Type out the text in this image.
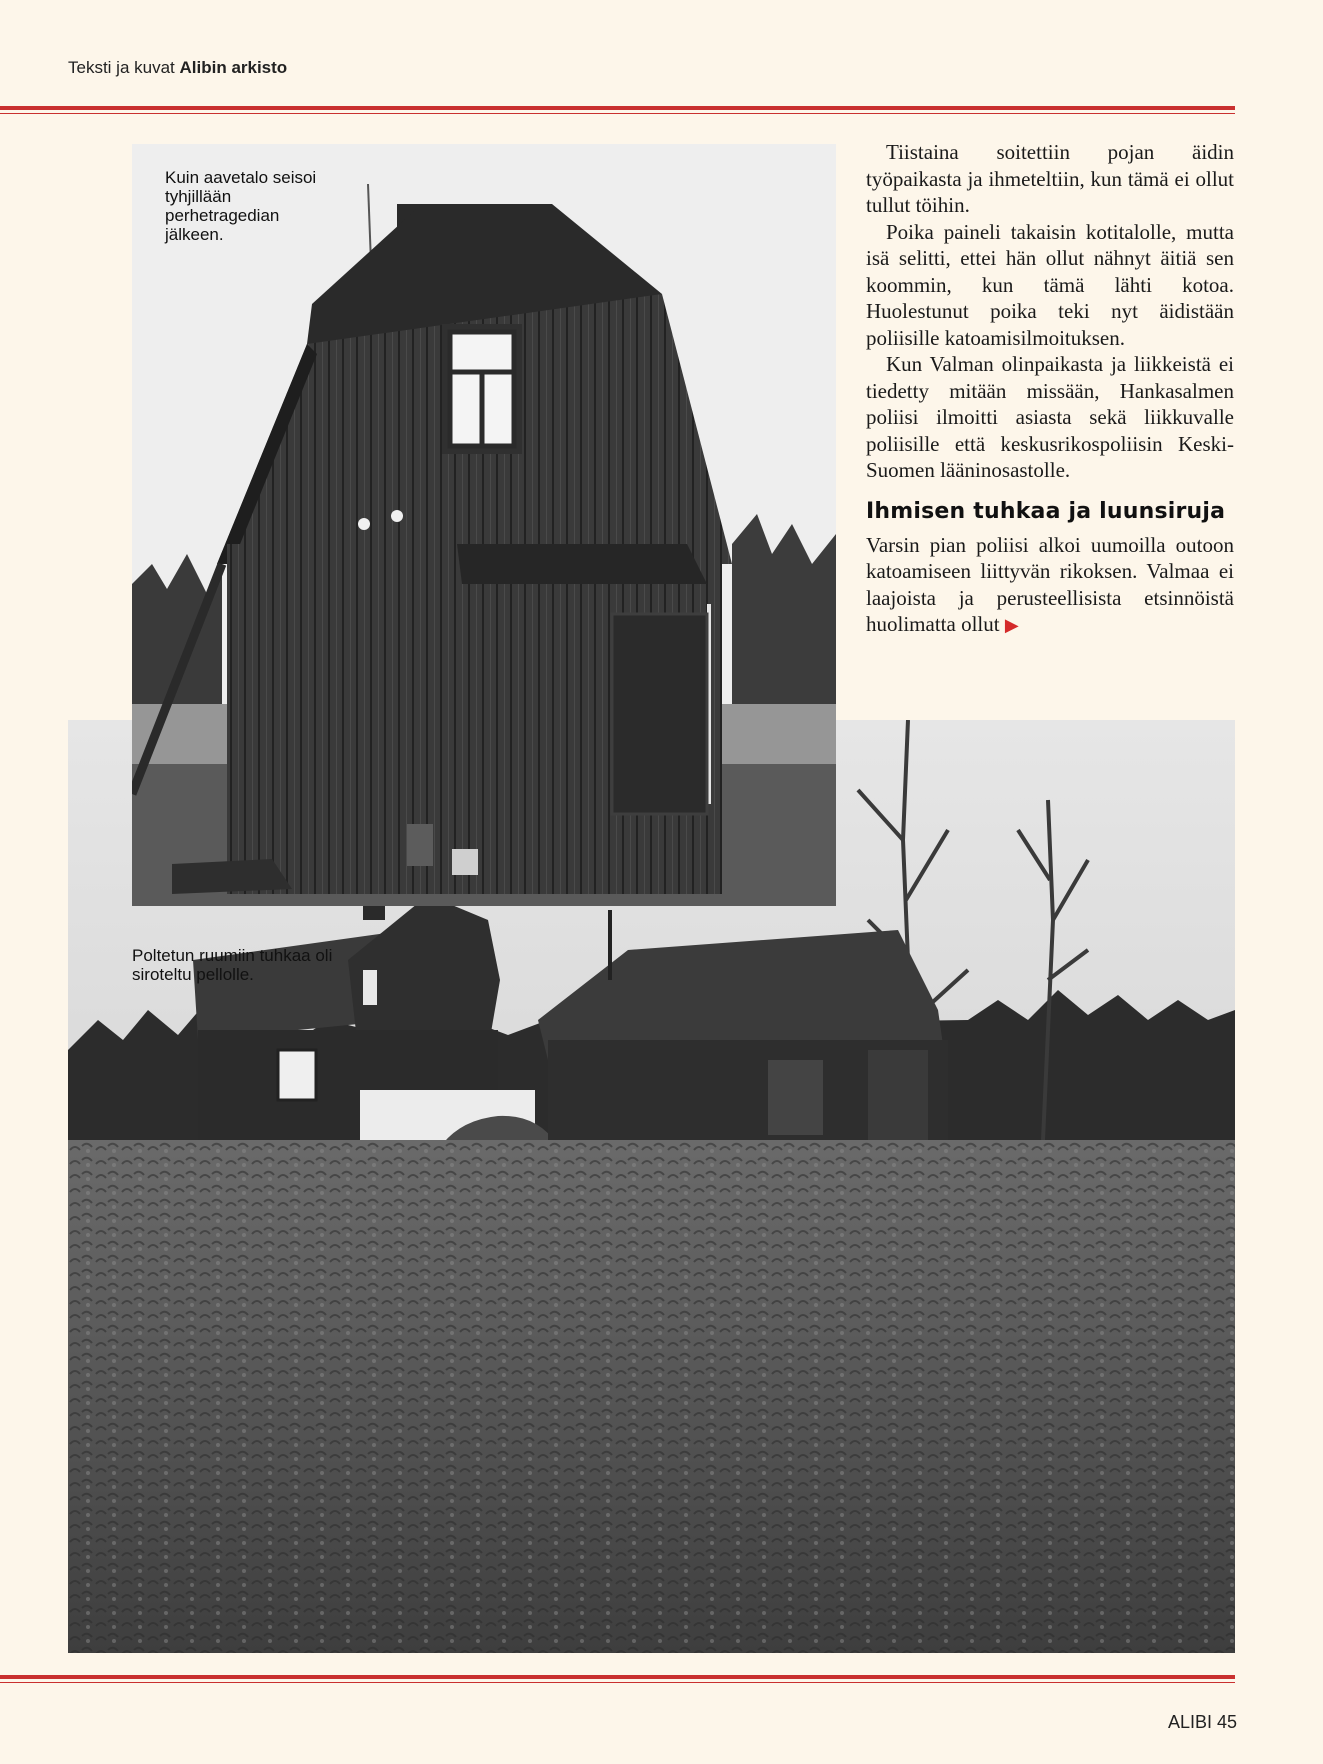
Teksti ja kuvat Alibin arkisto
Kuin aavetalo seisoi tyhjillään perhetragedian jälkeen.
Poltetun ruumiin tuhkaa oli siroteltu pellolle.

Tiistaina soitettiin pojan äidin työpaikasta ja ihmeteltiin, kun tämä ei ollut tullut töihin.

Poika paineli takaisin kotitalolle, mutta isä selitti, ettei hän ollut nähnyt äitiä sen koommin, kun tämä lähti kotoa. Huolestunut poika teki nyt äidistään poliisille katoamisilmoituksen.

Kun Valman olinpaikasta ja liikkeistä ei tiedetty mitään missään, Hankasalmen poliisi ilmoitti asiasta sekä liikkuvalle poliisille että keskusrikospoliisin Keski-Suomen lääninosastolle.

Ihmisen tuhkaa ja luunsiruja

Varsin pian poliisi alkoi uumoilla outoon katoamiseen liittyvän rikoksen. Valmaa ei laajoista ja perusteellisista etsinnöistä huolimatta ollut ▶

ALIBI 45
